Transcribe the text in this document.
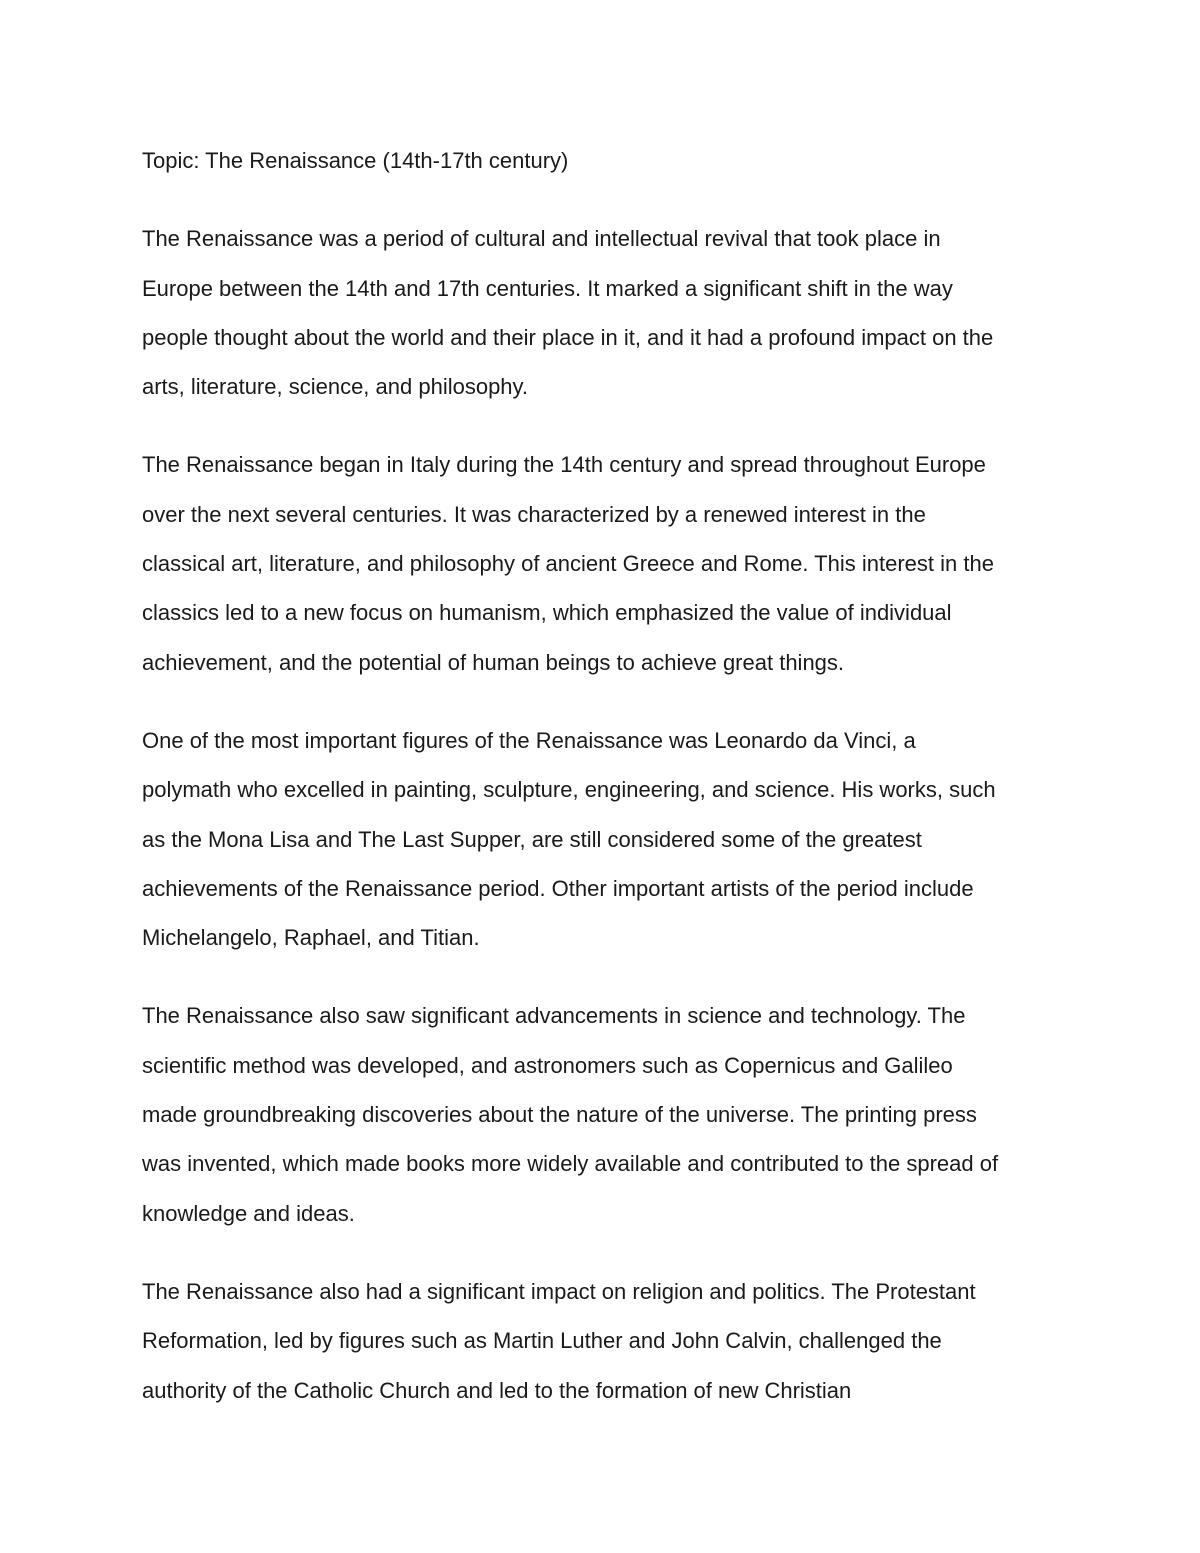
Topic: The Renaissance (14th-17th century)

The Renaissance was a period of cultural and intellectual revival that took place in
Europe between the 14th and 17th centuries. It marked a significant shift in the way
people thought about the world and their place in it, and it had a profound impact on the
arts, literature, science, and philosophy.

The Renaissance began in Italy during the 14th century and spread throughout Europe
over the next several centuries. It was characterized by a renewed interest in the
classical art, literature, and philosophy of ancient Greece and Rome. This interest in the
classics led to a new focus on humanism, which emphasized the value of individual
achievement, and the potential of human beings to achieve great things.

One of the most important figures of the Renaissance was Leonardo da Vinci, a
polymath who excelled in painting, sculpture, engineering, and science. His works, such
as the Mona Lisa and The Last Supper, are still considered some of the greatest
achievements of the Renaissance period. Other important artists of the period include
Michelangelo, Raphael, and Titian.

The Renaissance also saw significant advancements in science and technology. The
scientific method was developed, and astronomers such as Copernicus and Galileo
made groundbreaking discoveries about the nature of the universe. The printing press
was invented, which made books more widely available and contributed to the spread of
knowledge and ideas.

The Renaissance also had a significant impact on religion and politics. The Protestant
Reformation, led by figures such as Martin Luther and John Calvin, challenged the
authority of the Catholic Church and led to the formation of new Christian
